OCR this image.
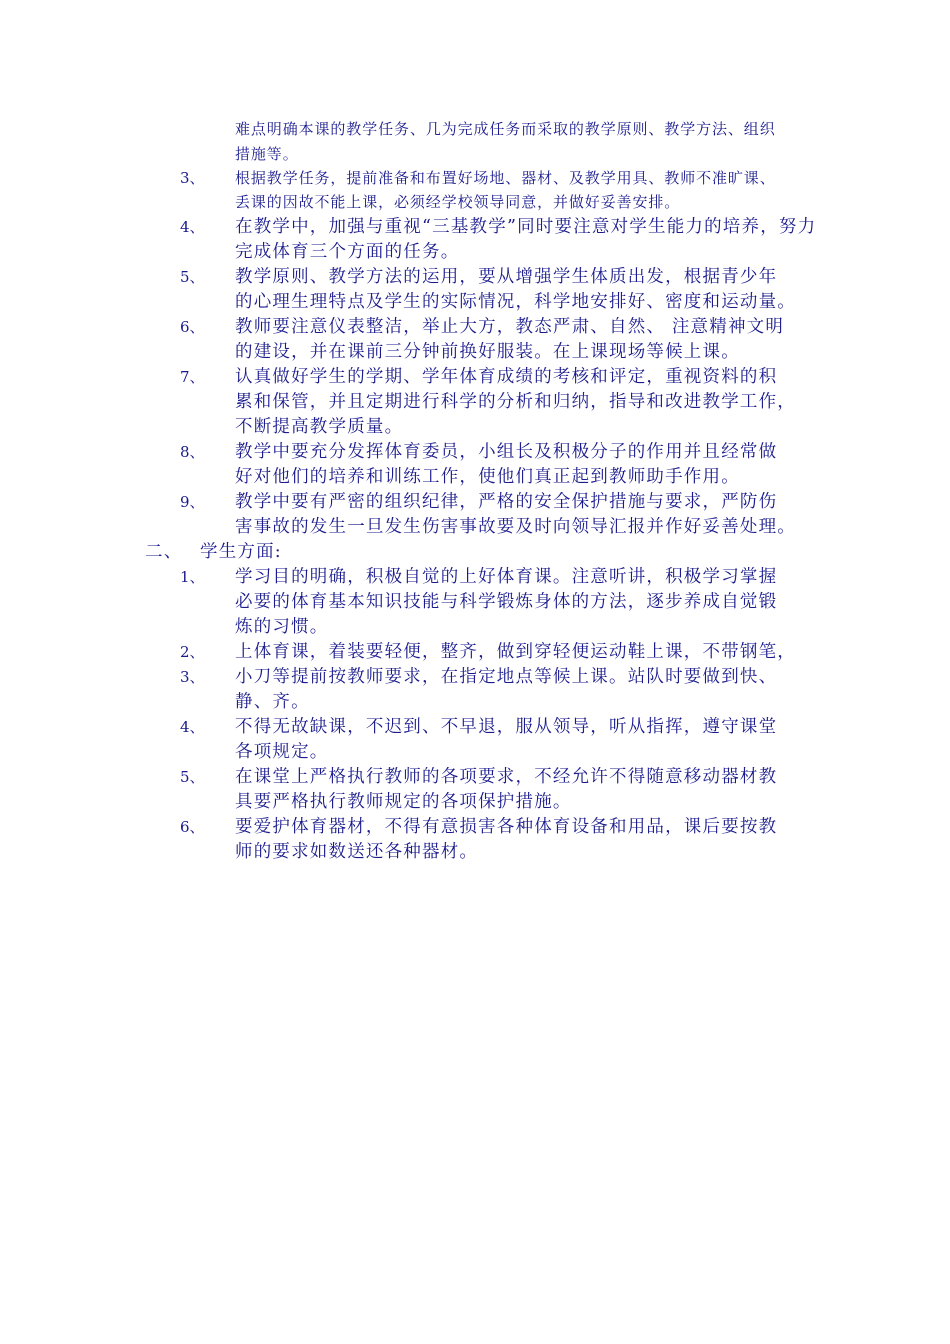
难点明确本课的教学任务、几为完成任务而采取的教学原则、教学方法、组织
措施等。
3、 根据教学任务，提前准备和布置好场地、器材、及教学用具、教师不准旷课、
丢课的因故不能上课，必须经学校领导同意，并做好妥善安排。
4、 在教学中，加强与重视“三基教学”同时要注意对学生能力的培养，努力
完成体育三个方面的任务。
5、 教学原则、教学方法的运用，要从增强学生体质出发，根据青少年
的心理生理特点及学生的实际情况，科学地安排好、密度和运动量。
6、 教师要注意仪表整洁，举止大方，教态严肃、自然、 注意精神文明
的建设，并在课前三分钟前换好服装。在上课现场等候上课。
7、 认真做好学生的学期、学年体育成绩的考核和评定，重视资料的积
累和保管，并且定期进行科学的分析和归纳，指导和改进教学工作，
不断提高教学质量。
8、 教学中要充分发挥体育委员，小组长及积极分子的作用并且经常做
好对他们的培养和训练工作，使他们真正起到教师助手作用。
9、 教学中要有严密的组织纪律，严格的安全保护措施与要求，严防伤
害事故的发生一旦发生伤害事故要及时向领导汇报并作好妥善处理。
二、 学生方面:
1、 学习目的明确，积极自觉的上好体育课。注意听讲，积极学习掌握
必要的体育基本知识技能与科学锻炼身体的方法，逐步养成自觉锻
炼的习惯。
2、 上体育课，着装要轻便，整齐，做到穿轻便运动鞋上课，不带钢笔，
3、 小刀等提前按教师要求，在指定地点等候上课。站队时要做到快、
静、齐。
4、 不得无故缺课，不迟到、不早退，服从领导，听从指挥，遵守课堂
各项规定。
5、 在课堂上严格执行教师的各项要求，不经允许不得随意移动器材教
具要严格执行教师规定的各项保护措施。
6、 要爱护体育器材，不得有意损害各种体育设备和用品，课后要按教
师的要求如数送还各种器材。
